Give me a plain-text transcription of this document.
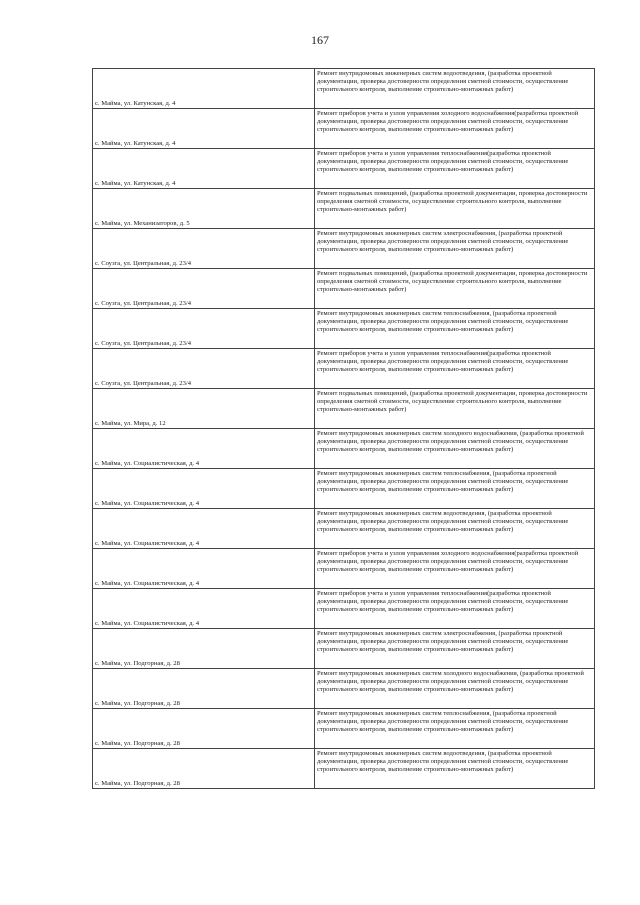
167
с. Майма, ул. Катунская, д. 4	Ремонт внутридомовых инженерных систем водоотведения, (разработка проектной документации, проверка достоверности определения сметной стоимости, осуществление строительного контроля, выполнение строительно-монтажных работ)
с. Майма, ул. Катунская, д. 4	Ремонт приборов учета и узлов управления холодного водоснабжения(разработка проектной документации, проверка достоверности определения сметной стоимости, осуществление строительного контроля, выполнение строительно-монтажных работ)
с. Майма, ул. Катунская, д. 4	Ремонт приборов учета и узлов управления теплоснабжения(разработка проектной документации, проверка достоверности определения сметной стоимости, осуществление строительного контроля, выполнение строительно-монтажных работ)
с. Майма, ул. Механизаторов, д. 5	Ремонт подвальных помещений, (разработка проектной документации, проверка достоверности определения сметной стоимости, осуществление строительного контроля, выполнение строительно-монтажных работ)
с. Соузга, ул. Центральная, д. 23/4	Ремонт внутридомовых инженерных систем электроснабжения, (разработка проектной документации, проверка достоверности определения сметной стоимости, осуществление строительного контроля, выполнение строительно-монтажных работ)
с. Соузга, ул. Центральная, д. 23/4	Ремонт подвальных помещений, (разработка проектной документации, проверка достоверности определения сметной стоимости, осуществление строительного контроля, выполнение строительно-монтажных работ)
с. Соузга, ул. Центральная, д. 23/4	Ремонт внутридомовых инженерных систем теплоснабжения, (разработка проектной документации, проверка достоверности определения сметной стоимости, осуществление строительного контроля, выполнение строительно-монтажных работ)
с. Соузга, ул. Центральная, д. 23/4	Ремонт приборов учета и узлов управления теплоснабжения(разработка проектной документации, проверка достоверности определения сметной стоимости, осуществление строительного контроля, выполнение строительно-монтажных работ)
с. Майма, ул. Мира, д. 12	Ремонт подвальных помещений, (разработка проектной документации, проверка достоверности определения сметной стоимости, осуществление строительного контроля, выполнение строительно-монтажных работ)
с. Майма, ул. Социалистическая, д. 4	Ремонт внутридомовых инженерных систем холодного водоснабжения, (разработка проектной документации, проверка достоверности определения сметной стоимости, осуществление строительного контроля, выполнение строительно-монтажных работ)
с. Майма, ул. Социалистическая, д. 4	Ремонт внутридомовых инженерных систем теплоснабжения, (разработка проектной документации, проверка достоверности определения сметной стоимости, осуществление строительного контроля, выполнение строительно-монтажных работ)
с. Майма, ул. Социалистическая, д. 4	Ремонт внутридомовых инженерных систем водоотведения, (разработка проектной документации, проверка достоверности определения сметной стоимости, осуществление строительного контроля, выполнение строительно-монтажных работ)
с. Майма, ул. Социалистическая, д. 4	Ремонт приборов учета и узлов управления холодного водоснабжения(разработка проектной документации, проверка достоверности определения сметной стоимости, осуществление строительного контроля, выполнение строительно-монтажных работ)
с. Майма, ул. Социалистическая, д. 4	Ремонт приборов учета и узлов управления теплоснабжения(разработка проектной документации, проверка достоверности определения сметной стоимости, осуществление строительного контроля, выполнение строительно-монтажных работ)
с. Майма, ул. Подгорная, д. 28	Ремонт внутридомовых инженерных систем электроснабжения, (разработка проектной документации, проверка достоверности определения сметной стоимости, осуществление строительного контроля, выполнение строительно-монтажных работ)
с. Майма, ул. Подгорная, д. 28	Ремонт внутридомовых инженерных систем холодного водоснабжения, (разработка проектной документации, проверка достоверности определения сметной стоимости, осуществление строительного контроля, выполнение строительно-монтажных работ)
с. Майма, ул. Подгорная, д. 28	Ремонт внутридомовых инженерных систем теплоснабжения, (разработка проектной документации, проверка достоверности определения сметной стоимости, осуществление строительного контроля, выполнение строительно-монтажных работ)
с. Майма, ул. Подгорная, д. 28	Ремонт внутридомовых инженерных систем водоотведения, (разработка проектной документации, проверка достоверности определения сметной стоимости, осуществление строительного контроля, выполнение строительно-монтажных работ)
